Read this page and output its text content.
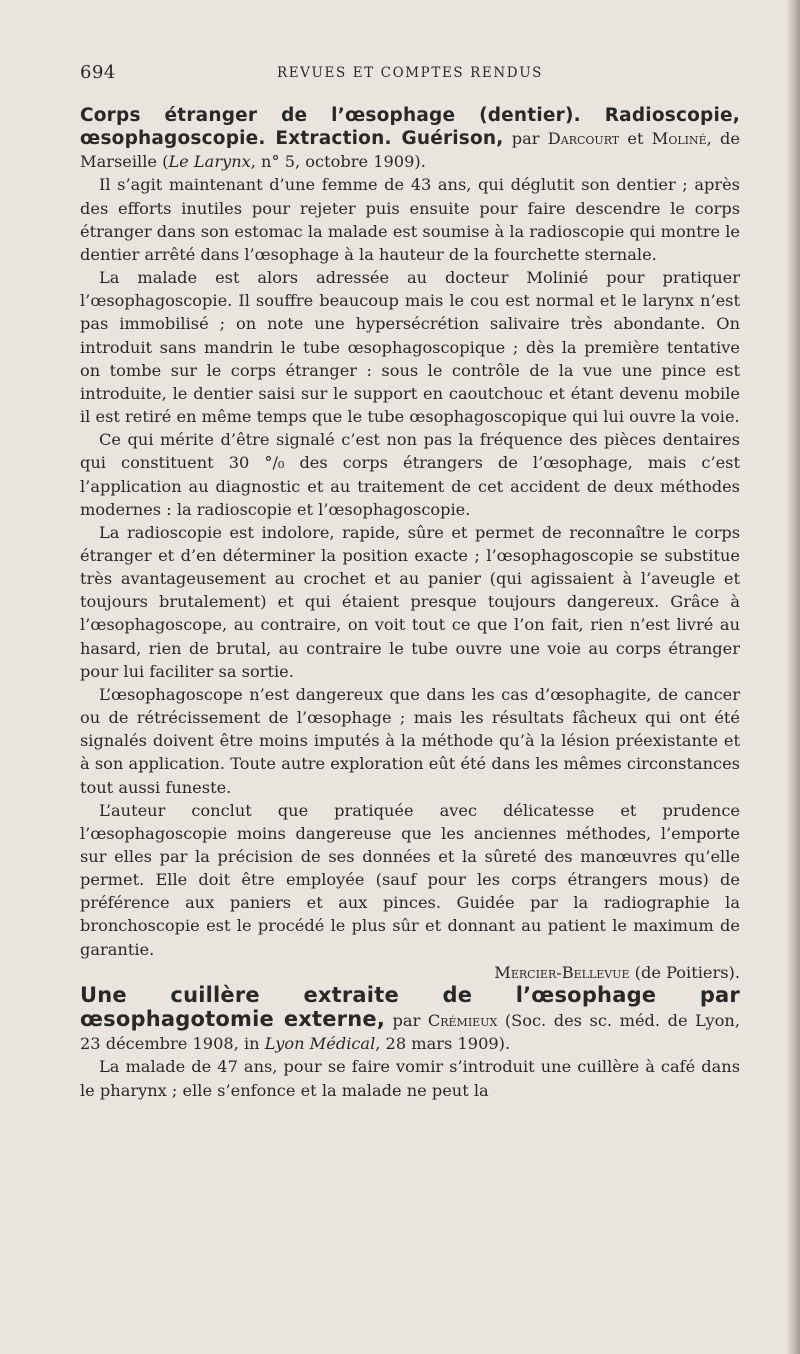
694	REVUES ET COMPTES RENDUS

Corps étranger de l’œsophage (dentier). Radioscopie, œsophagoscopie. Extraction. Guérison, par Darcourt et Moliné, de Marseille (Le Larynx, n° 5, octobre 1909).

Il s’agit maintenant d’une femme de 43 ans, qui déglutit son dentier ; après des efforts inutiles pour rejeter puis ensuite pour faire descendre le corps étranger dans son estomac la malade est soumise à la radioscopie qui montre le dentier arrêté dans l’œsophage à la hauteur de la fourchette sternale.

La malade est alors adressée au docteur Molinié pour pratiquer l’œsophagoscopie. Il souffre beaucoup mais le cou est normal et le larynx n’est pas immobilisé ; on note une hypersécrétion salivaire très abondante. On introduit sans mandrin le tube œsophagoscopique ; dès la première tentative on tombe sur le corps étranger : sous le contrôle de la vue une pince est introduite, le dentier saisi sur le support en caoutchouc et étant devenu mobile il est retiré en même temps que le tube œsophagoscopique qui lui ouvre la voie.

Ce qui mérite d’être signalé c’est non pas la fréquence des pièces dentaires qui constituent 30 °/₀ des corps étrangers de l’œsophage, mais c’est l’application au diagnostic et au traitement de cet accident de deux méthodes modernes : la radioscopie et l’œsophagoscopie.

La radioscopie est indolore, rapide, sûre et permet de reconnaître le corps étranger et d’en déterminer la position exacte ; l’œsophagoscopie se substitue très avantageusement au crochet et au panier (qui agissaient à l’aveugle et toujours brutalement) et qui étaient presque toujours dangereux. Grâce à l’œsophagoscope, au contraire, on voit tout ce que l’on fait, rien n’est livré au hasard, rien de brutal, au contraire le tube ouvre une voie au corps étranger pour lui faciliter sa sortie.

L’œsophagoscope n’est dangereux que dans les cas d’œsophagite, de cancer ou de rétrécissement de l’œsophage ; mais les résultats fâcheux qui ont été signalés doivent être moins imputés à la méthode qu’à la lésion préexistante et à son application. Toute autre exploration eût été dans les mêmes circonstances tout aussi funeste.

L’auteur conclut que pratiquée avec délicatesse et prudence l’œsophagoscopie moins dangereuse que les anciennes méthodes, l’emporte sur elles par la précision de ses données et la sûreté des manœuvres qu’elle permet. Elle doit être employée (sauf pour les corps étrangers mous) de préférence aux paniers et aux pinces. Guidée par la radiographie la bronchoscopie est le procédé le plus sûr et donnant au patient le maximum de garantie.

Mercier-Bellevue (de Poitiers).

Une cuillère extraite de l’œsophage par œsophagotomie externe, par Crémieux (Soc. des sc. méd. de Lyon, 23 décembre 1908, in Lyon Médical, 28 mars 1909).

La malade de 47 ans, pour se faire vomir s’introduit une cuillère à café dans le pharynx ; elle s’enfonce et la malade ne peut la
